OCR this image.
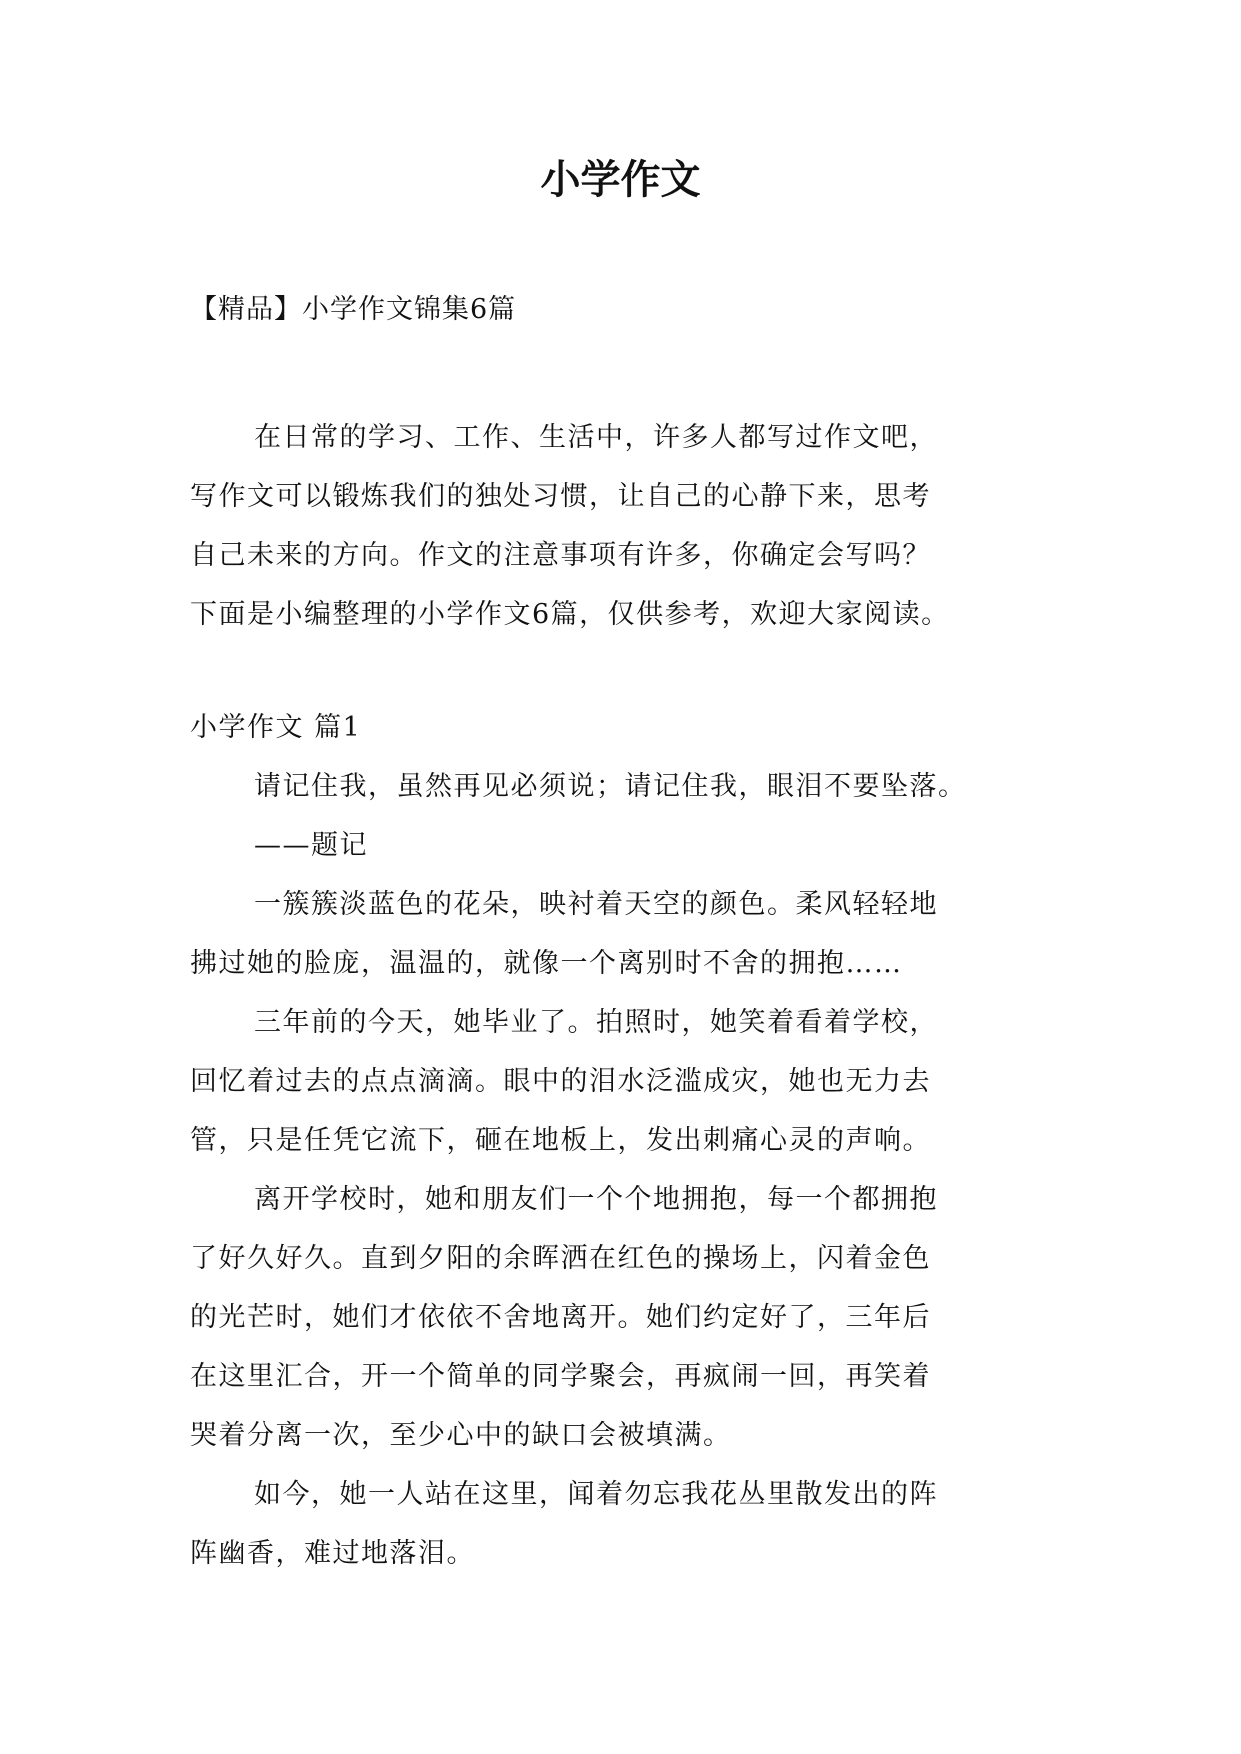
小学作文
【精品】小学作文锦集6篇
在日常的学习、工作、生活中，许多人都写过作文吧，
写作文可以锻炼我们的独处习惯，让自己的心静下来，思考
自己未来的方向。作文的注意事项有许多，你确定会写吗？
下面是小编整理的小学作文6篇，仅供参考，欢迎大家阅读。
小学作文 篇1
请记住我，虽然再见必须说；请记住我，眼泪不要坠落。
——题记
一簇簇淡蓝色的花朵，映衬着天空的颜色。柔风轻轻地
拂过她的脸庞，温温的，就像一个离别时不舍的拥抱……
三年前的今天，她毕业了。拍照时，她笑着看着学校，
回忆着过去的点点滴滴。眼中的泪水泛滥成灾，她也无力去
管，只是任凭它流下，砸在地板上，发出刺痛心灵的声响。
离开学校时，她和朋友们一个个地拥抱，每一个都拥抱
了好久好久。直到夕阳的余晖洒在红色的操场上，闪着金色
的光芒时，她们才依依不舍地离开。她们约定好了，三年后
在这里汇合，开一个简单的同学聚会，再疯闹一回，再笑着
哭着分离一次，至少心中的缺口会被填满。
如今，她一人站在这里，闻着勿忘我花丛里散发出的阵
阵幽香，难过地落泪。
